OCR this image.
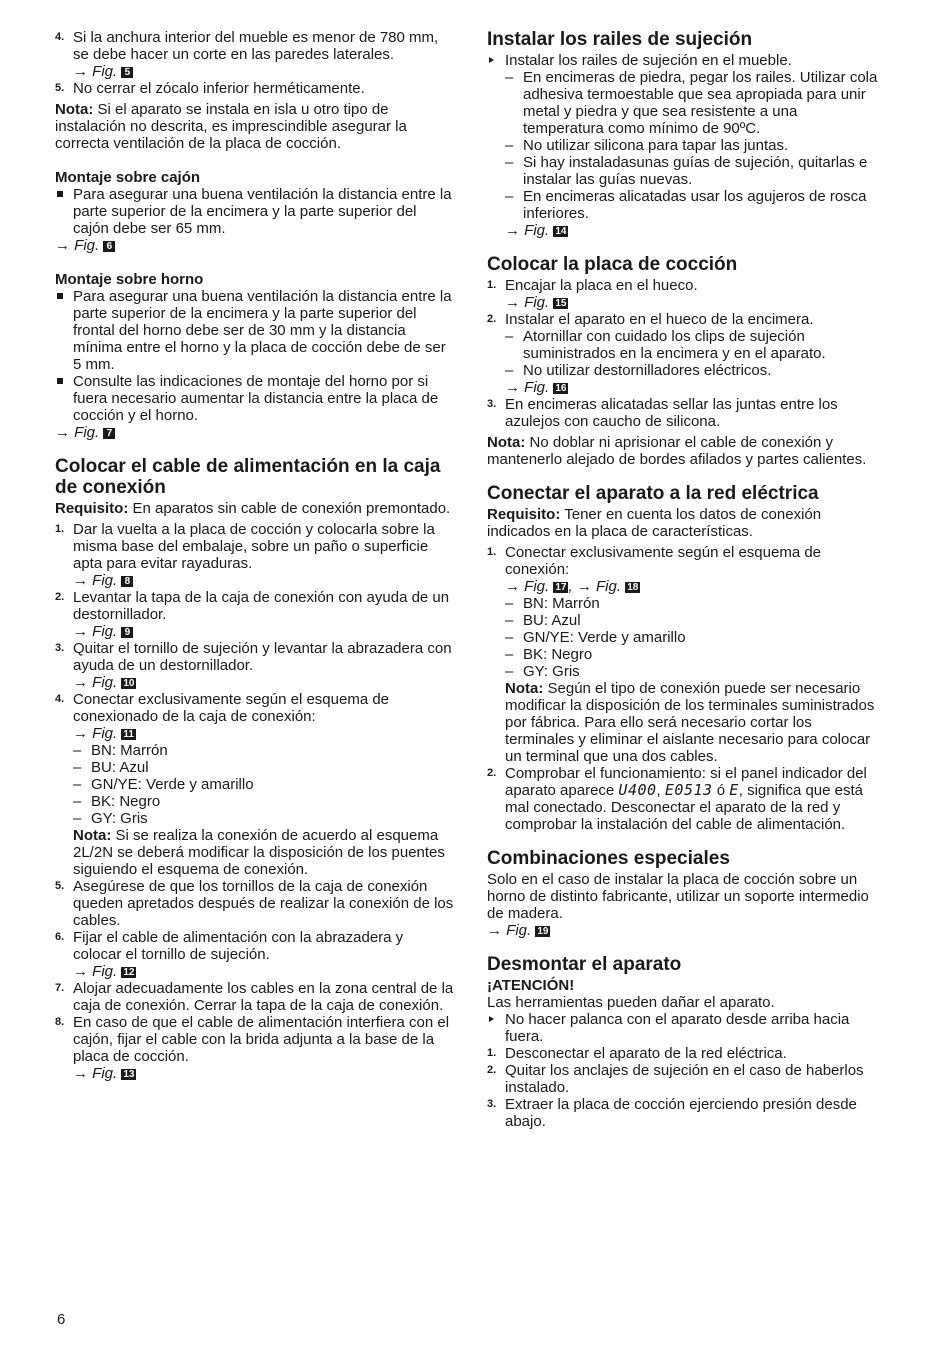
4. Si la anchura interior del mueble es menor de 780 mm, se debe hacer un corte en las paredes laterales.

→ Fig. 5

5. No cerrar el zócalo inferior herméticamente.

Nota: Si el aparato se instala en isla u otro tipo de instalación no descrita, es imprescindible asegurar la correcta ventilación de la placa de cocción.

Montaje sobre cajón

Para asegurar una buena ventilación la distancia entre la parte superior de la encimera y la parte superior del cajón debe ser 65 mm.

→ Fig. 6

Montaje sobre horno

Para asegurar una buena ventilación la distancia entre la parte superior de la encimera y la parte superior del frontal del horno debe ser de 30 mm y la distancia mínima entre el horno y la placa de cocción debe de ser 5 mm.

Consulte las indicaciones de montaje del horno por si fuera necesario aumentar la distancia entre la placa de cocción y el horno.

→ Fig. 7

Colocar el cable de alimentación en la caja de conexión

Requisito: En aparatos sin cable de conexión premontado.

1. Dar la vuelta a la placa de cocción y colocarla sobre la misma base del embalaje, sobre un paño o superficie apta para evitar rayaduras.

→ Fig. 8

2. Levantar la tapa de la caja de conexión con ayuda de un destornillador.

→ Fig. 9

3. Quitar el tornillo de sujeción y levantar la abrazadera con ayuda de un destornillador.

→ Fig. 10

4. Conectar exclusivamente según el esquema de conexionado de la caja de conexión:

→ Fig. 11

– BN: Marrón
– BU: Azul
– GN/YE: Verde y amarillo
– BK: Negro
– GY: Gris

Nota: Si se realiza la conexión de acuerdo al esquema 2L/2N se deberá modificar la disposición de los puentes siguiendo el esquema de conexión.

5. Asegúrese de que los tornillos de la caja de conexión queden apretados después de realizar la conexión de los cables.

6. Fijar el cable de alimentación con la abrazadera y colocar el tornillo de sujeción.

→ Fig. 12

7. Alojar adecuadamente los cables en la zona central de la caja de conexión. Cerrar la tapa de la caja de conexión.

8. En caso de que el cable de alimentación interfiera con el cajón, fijar el cable con la brida adjunta a la base de la placa de cocción.

→ Fig. 13

Instalar los railes de sujeción

Instalar los railes de sujeción en el mueble.

– En encimeras de piedra, pegar los railes. Utilizar cola adhesiva termoestable que sea apropiada para unir metal y piedra y que sea resistente a una temperatura como mínimo de 90ºC.

– No utilizar silicona para tapar las juntas.

– Si hay instaladasunas guías de sujeción, quitarlas e instalar las guías nuevas.

– En encimeras alicatadas usar los agujeros de rosca inferiores.

→ Fig. 14

Colocar la placa de cocción
1. Encajar la placa en el hueco.

→ Fig. 15

2. Instalar el aparato en el hueco de la encimera.

– Atornillar con cuidado los clips de sujeción suministrados en la encimera y en el aparato.

– No utilizar destornilladores eléctricos.

→ Fig. 16

3. En encimeras alicatadas sellar las juntas entre los azulejos con caucho de silicona.

Nota: No doblar ni aprisionar el cable de conexión y mantenerlo alejado de bordes afilados y partes calientes.

Conectar el aparato a la red eléctrica

Requisito: Tener en cuenta los datos de conexión indicados en la placa de características.

1. Conectar exclusivamente según el esquema de conexión:

→ Fig. 17 , → Fig. 18

– BN: Marrón
– BU: Azul
– GN/YE: Verde y amarillo
– BK: Negro
– GY: Gris

Nota: Según el tipo de conexión puede ser necesario modificar la disposición de los terminales suministrados por fábrica. Para ello será necesario cortar los terminales y eliminar el aislante necesario para colocar un terminal que una dos cables.

2. Comprobar el funcionamiento: si el panel indicador del aparato aparece U400, E0513 ó E, significa que está mal conectado. Desconectar el aparato de la red y comprobar la instalación del cable de alimentación.

Combinaciones especiales

Solo en el caso de instalar la placa de cocción sobre un horno de distinto fabricante, utilizar un soporte intermedio de madera.

→ Fig. 19

Desmontar el aparato

¡ATENCIÓN!

Las herramientas pueden dañar el aparato.

No hacer palanca con el aparato desde arriba hacia fuera.

1. Desconectar el aparato de la red eléctrica.

2. Quitar los anclajes de sujeción en el caso de haberlos instalado.

3. Extraer la placa de cocción ejerciendo presión desde abajo.

6
